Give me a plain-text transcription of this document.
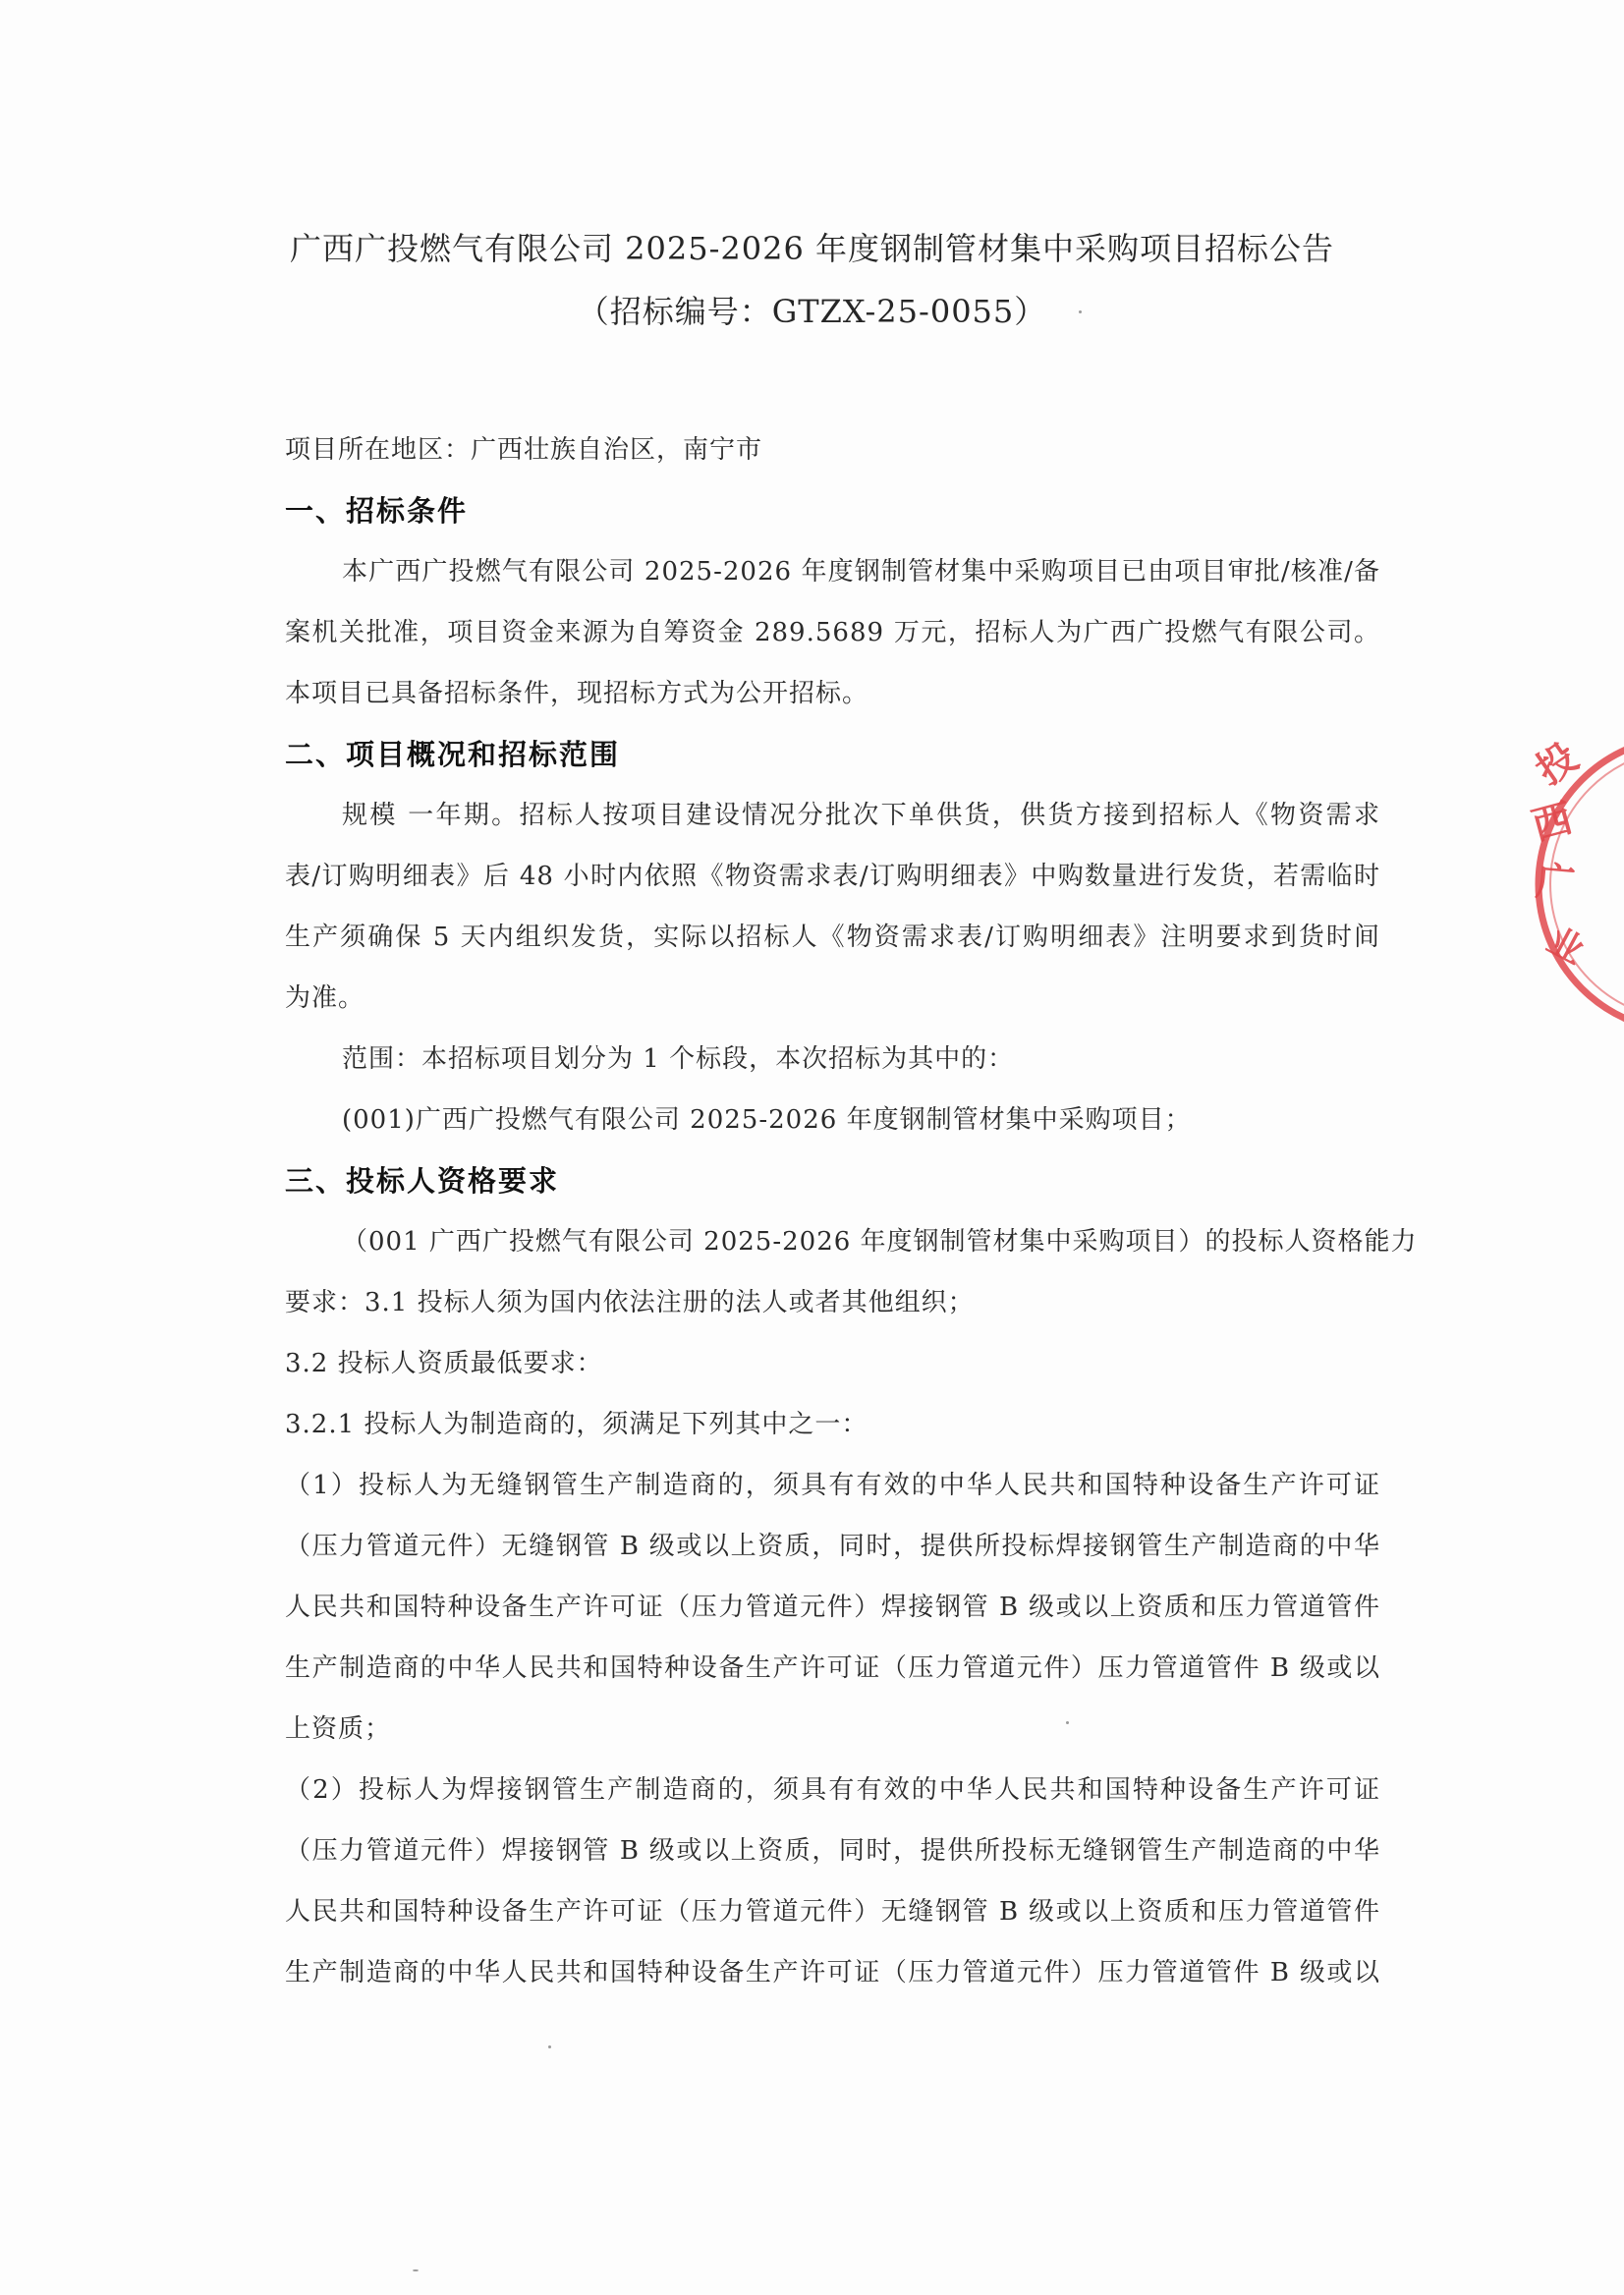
广西广投燃气有限公司 2025-2026 年度钢制管材集中采购项目招标公告
（招标编号：GTZX-25-0055）
项目所在地区：广西壮族自治区，南宁市
一、招标条件
本广西广投燃气有限公司 2025-2026 年度钢制管材集中采购项目已由项目审批/核准/备
案机关批准，项目资金来源为自筹资金 289.5689 万元，招标人为广西广投燃气有限公司。
本项目已具备招标条件，现招标方式为公开招标。
二、项目概况和招标范围
规模 一年期。招标人按项目建设情况分批次下单供货，供货方接到招标人《物资需求
表/订购明细表》后 48 小时内依照《物资需求表/订购明细表》中购数量进行发货，若需临时
生产须确保 5 天内组织发货，实际以招标人《物资需求表/订购明细表》注明要求到货时间
为准。
范围：本招标项目划分为 1 个标段，本次招标为其中的：
(001)广西广投燃气有限公司 2025-2026 年度钢制管材集中采购项目；
三、投标人资格要求
（001 广西广投燃气有限公司 2025-2026 年度钢制管材集中采购项目）的投标人资格能力
要求：3.1 投标人须为国内依法注册的法人或者其他组织；
3.2 投标人资质最低要求：
3.2.1 投标人为制造商的，须满足下列其中之一：
（1）投标人为无缝钢管生产制造商的，须具有有效的中华人民共和国特种设备生产许可证
（压力管道元件）无缝钢管 B 级或以上资质，同时，提供所投标焊接钢管生产制造商的中华
人民共和国特种设备生产许可证（压力管道元件）焊接钢管 B 级或以上资质和压力管道管件
生产制造商的中华人民共和国特种设备生产许可证（压力管道元件）压力管道管件 B 级或以
上资质；
（2）投标人为焊接钢管生产制造商的，须具有有效的中华人民共和国特种设备生产许可证
（压力管道元件）焊接钢管 B 级或以上资质，同时，提供所投标无缝钢管生产制造商的中华
人民共和国特种设备生产许可证（压力管道元件）无缝钢管 B 级或以上资质和压力管道管件
生产制造商的中华人民共和国特种设备生产许可证（压力管道元件）压力管道管件 B 级或以
投
西
广
业
